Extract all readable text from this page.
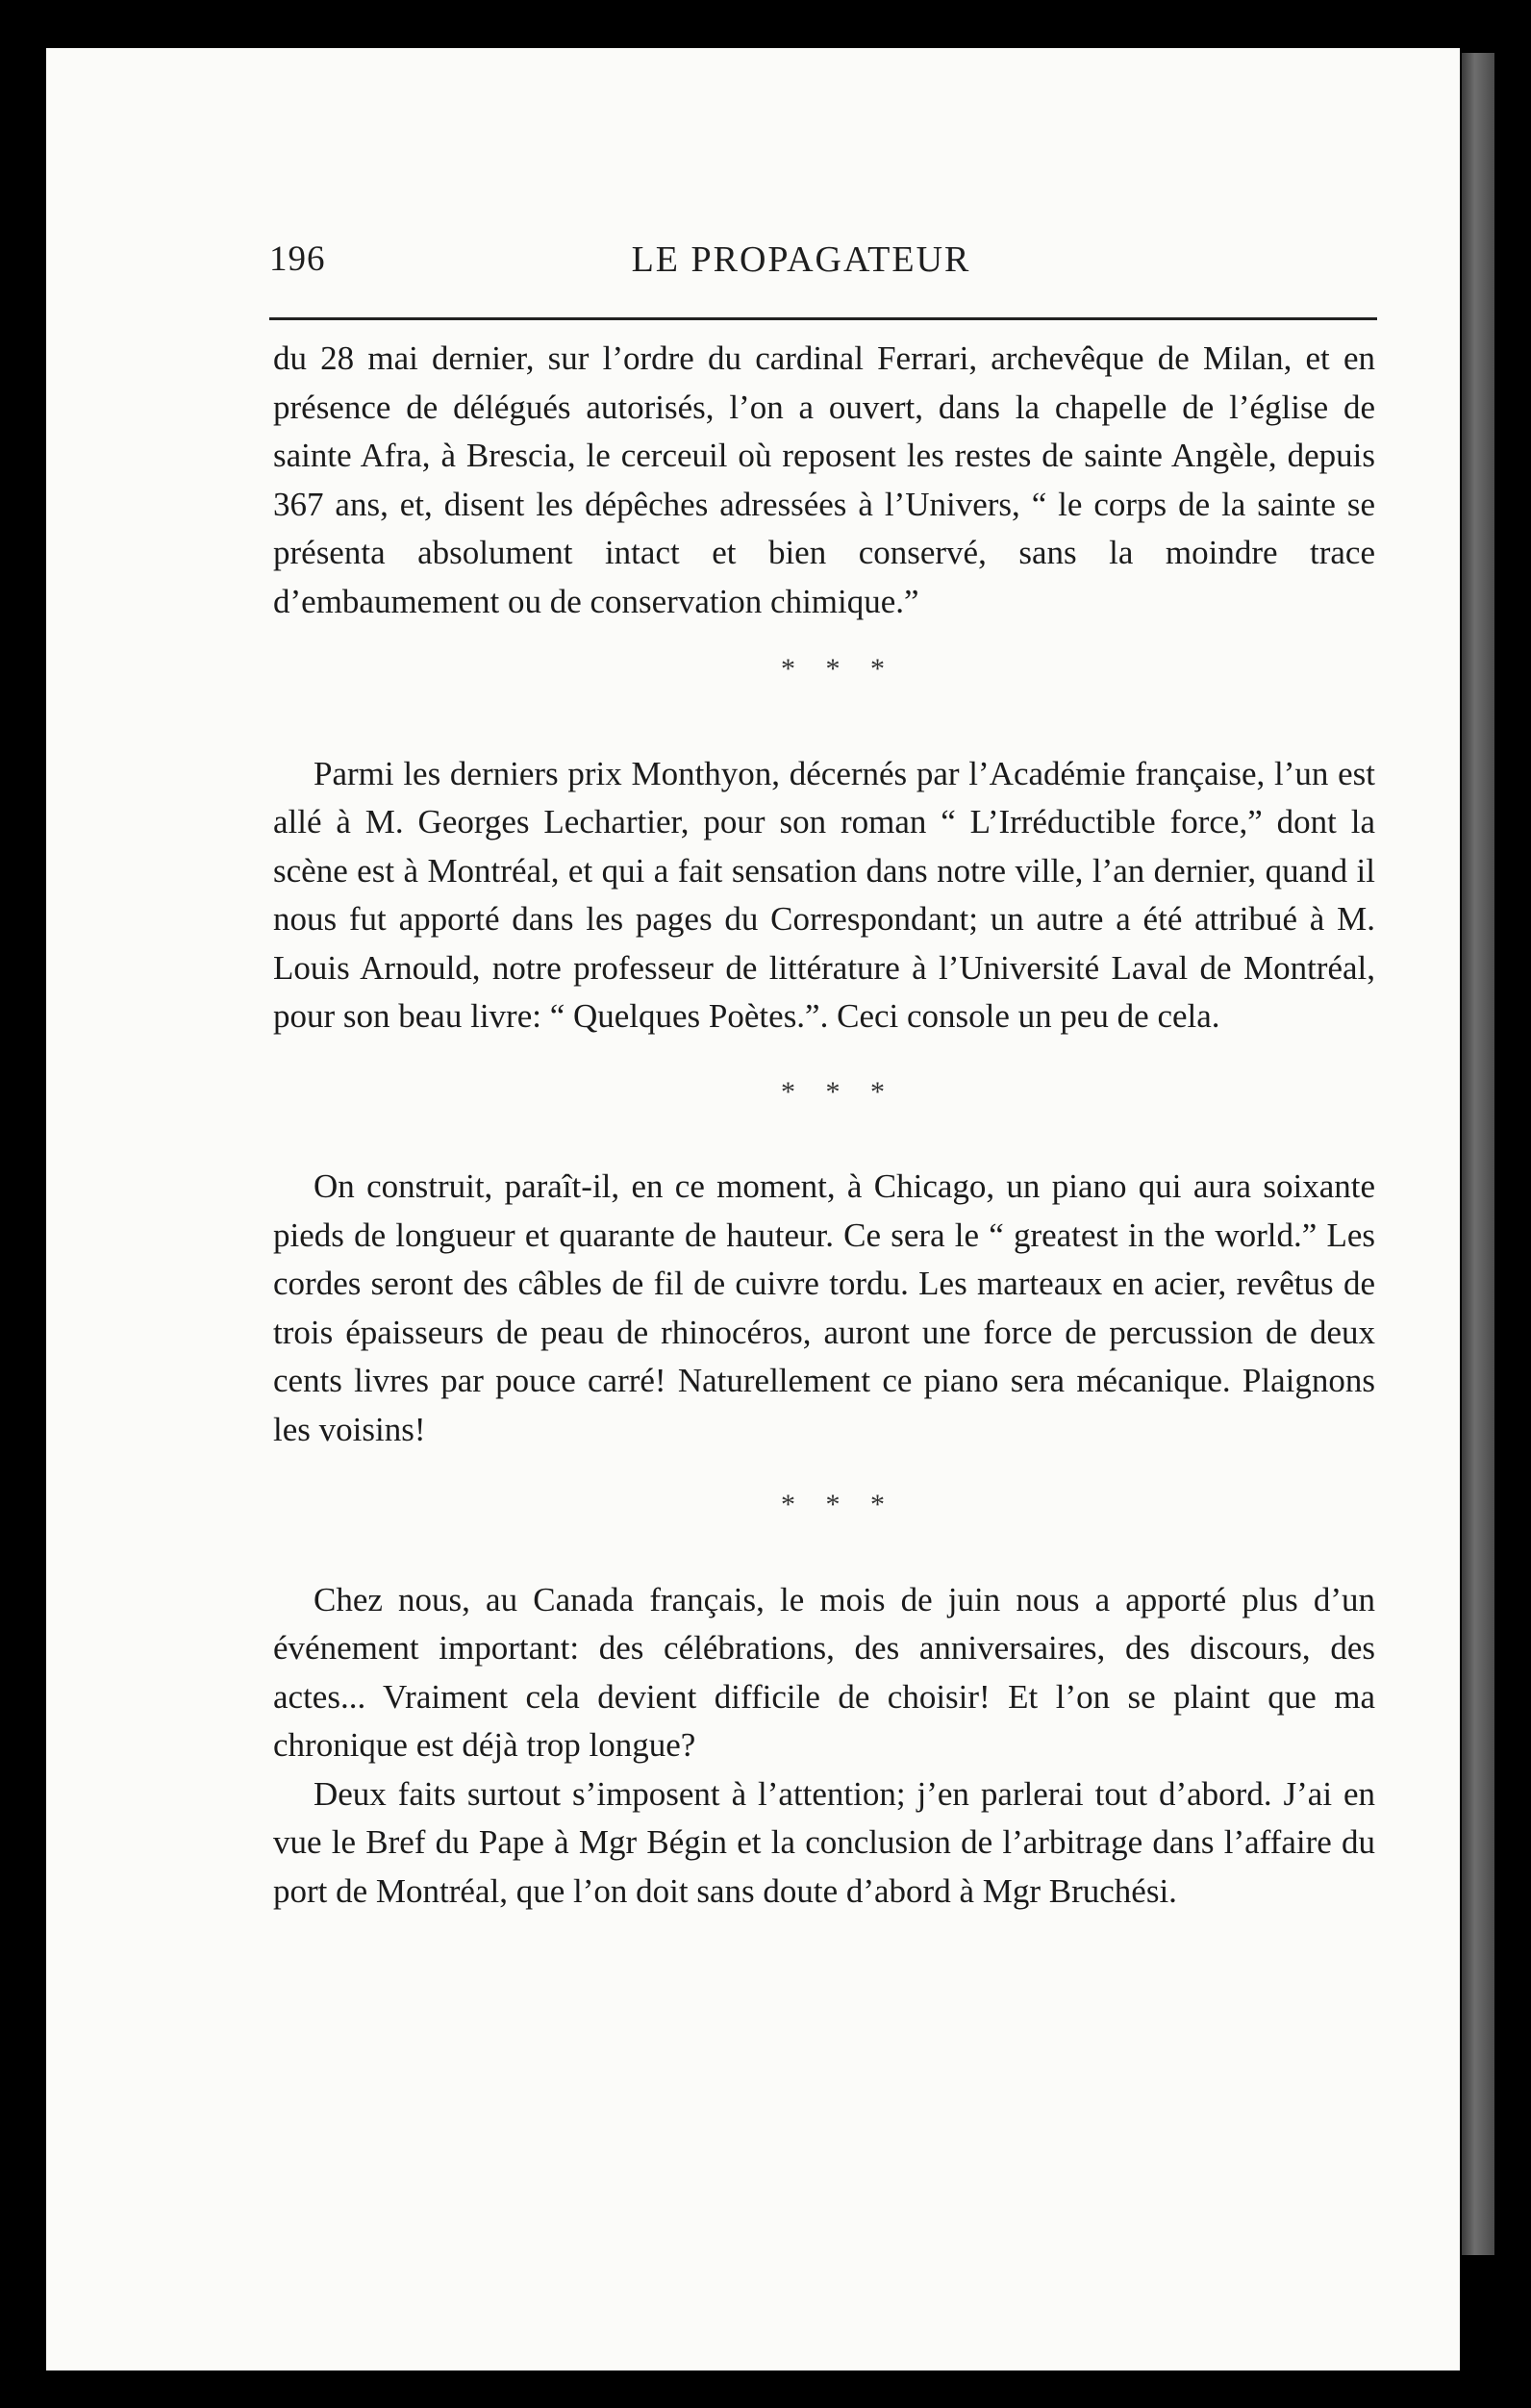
196	LE PROPAGATEUR

du 28 mai dernier, sur l’ordre du cardinal Ferrari, archevêque de Milan, et en présence de délégués autorisés, l’on a ouvert, dans la chapelle de l’église de sainte Afra, à Brescia, le cerceuil où reposent les restes de sainte Angèle, depuis 367 ans, et, disent les dépêches adressées à l’Univers, “ le corps de la sainte se présenta absolument intact et bien conservé, sans la moindre trace d’embaumement ou de conservation chimique.”

* * *

Parmi les derniers prix Monthyon, décernés par l’Académie française, l’un est allé à M. Georges Lechartier, pour son roman “ L’Irréductible force,” dont la scène est à Montréal, et qui a fait sensation dans notre ville, l’an dernier, quand il nous fut apporté dans les pages du Correspondant; un autre a été attribué à M. Louis Arnould, notre professeur de littérature à l’Université Laval de Montréal, pour son beau livre: “ Quelques Poètes.”. Ceci console un peu de cela.

* * *

On construit, paraît-il, en ce moment, à Chicago, un piano qui aura soixante pieds de longueur et quarante de hauteur. Ce sera le “ greatest in the world.” Les cordes seront des câbles de fil de cuivre tordu. Les marteaux en acier, revêtus de trois épaisseurs de peau de rhinocéros, auront une force de percussion de deux cents livres par pouce carré! Naturellement ce piano sera mécanique. Plaignons les voisins!

* * *

Chez nous, au Canada français, le mois de juin nous a apporté plus d’un événement important: des célébrations, des anniversaires, des discours, des actes... Vraiment cela devient difficile de choisir! Et l’on se plaint que ma chronique est déjà trop longue?

Deux faits surtout s’imposent à l’attention; j’en parlerai tout d’abord. J’ai en vue le Bref du Pape à Mgr Bégin et la conclusion de l’arbitrage dans l’affaire du port de Montréal, que l’on doit sans doute d’abord à Mgr Bruchési.
